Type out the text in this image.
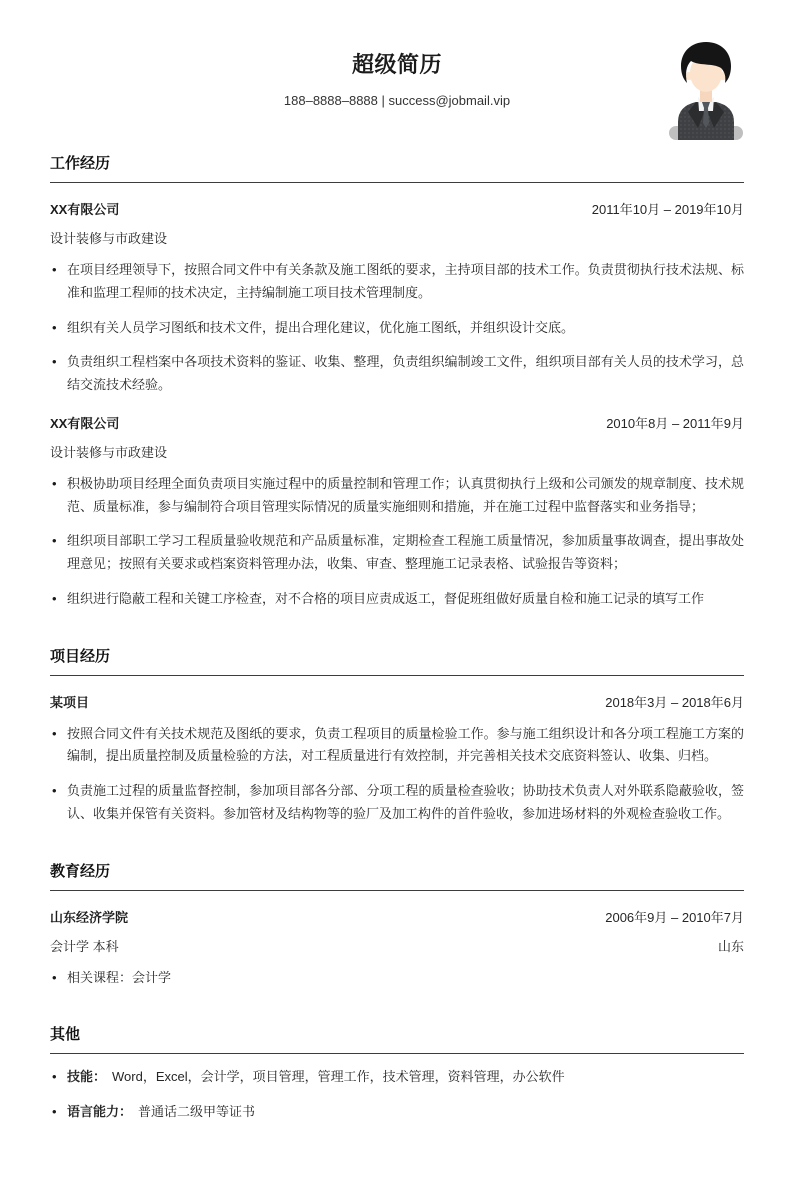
超级简历
188–8888–8888 | success@jobmail.vip
工作经历
XX有限公司	2011年10月 – 2019年10月
设计装修与市政建设
• 在项目经理领导下，按照合同文件中有关条款及施工图纸的要求，主持项目部的技术工作。负责贯彻执行技术法规、标准和监理工程师的技术决定，主持编制施工项目技术管理制度。
• 组织有关人员学习图纸和技术文件，提出合理化建议，优化施工图纸，并组织设计交底。
• 负责组织工程档案中各项技术资料的鉴证、收集、整理，负责组织编制竣工文件，组织项目部有关人员的技术学习，总结交流技术经验。
XX有限公司	2010年8月 – 2011年9月
设计装修与市政建设
• 积极协助项目经理全面负责项目实施过程中的质量控制和管理工作；认真贯彻执行上级和公司颁发的规章制度、技术规范、质量标准，参与编制符合项目管理实际情况的质量实施细则和措施，并在施工过程中监督落实和业务指导；
• 组织项目部职工学习工程质量验收规范和产品质量标准，定期检查工程施工质量情况，参加质量事故调查，提出事故处理意见；按照有关要求或档案资料管理办法，收集、审查、整理施工记录表格、试验报告等资料；
• 组织进行隐蔽工程和关键工序检查，对不合格的项目应责成返工，督促班组做好质量自检和施工记录的填写工作
项目经历
某项目	2018年3月 – 2018年6月
• 按照合同文件有关技术规范及图纸的要求，负责工程项目的质量检验工作。参与施工组织设计和各分项工程施工方案的编制，提出质量控制及质量检验的方法，对工程质量进行有效控制，并完善相关技术交底资料签认、收集、归档。
• 负责施工过程的质量监督控制，参加项目部各分部、分项工程的质量检查验收；协助技术负责人对外联系隐蔽验收，签认、收集并保管有关资料。参加管材及结构物等的验厂及加工构件的首件验收，参加进场材料的外观检查验收工作。
教育经历
山东经济学院	2006年9月 – 2010年7月
会计学 本科	山东
• 相关课程：会计学
其他
• 技能： Word，Excel，会计学，项目管理，管理工作，技术管理，资料管理，办公软件
• 语言能力： 普通话二级甲等证书
